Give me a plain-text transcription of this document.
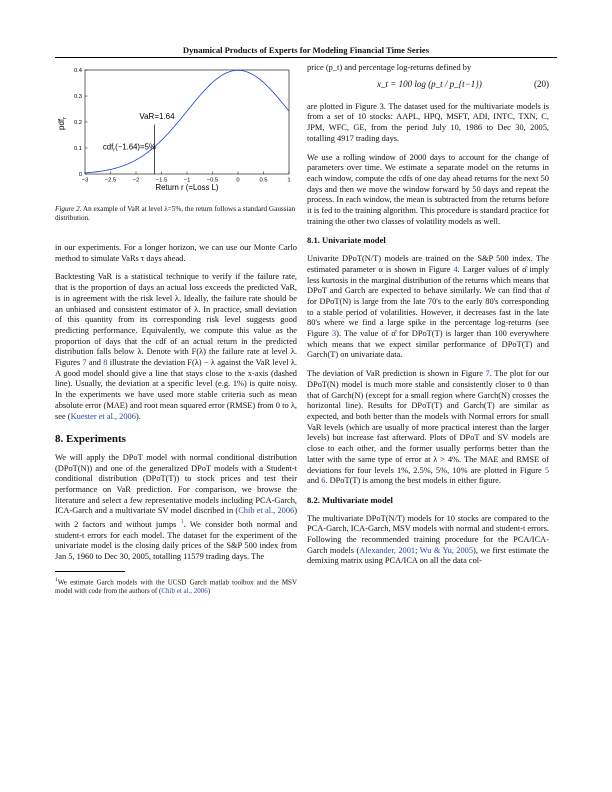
Dynamical Products of Experts for Modeling Financial Time Series
−3	−2.5	−2	−1.5	−1	−0.5	0	0.5	1
0
0.1
0.2
0.3
0.4
VaR=1.64
cdf$_r$(−1.64)=5%
Return r (=Loss L)
pdf$_r$
Figure 2. An example of VaR at level λ=5%, the return follows a standard Gaussian distribution.

in our experiments. For a longer horizon, we can use our Monte Carlo method to simulate VaRs τ days ahead.

Backtesting VaR is a statistical technique to verify if the failure rate, that is the proportion of days an actual loss exceeds the predicted VaR, is in agreement with the risk level λ. Ideally, the failure rate should be an unbiased and consistent estimator of λ. In practice, small deviation of this quantity from its corresponding risk level suggests good predicting performance. Equivalently, we compute this value as the proportion of days that the cdf of an actual return in the predicted distribution falls below λ. Denote with F(λ) the failure rate at level λ. Figures 7 and 8 illustrate the deviation F(λ) − λ against the VaR level λ. A good model should give a line that stays close to the x-axis (dashed line). Usually, the deviation at a specific level (e.g. 1%) is quite noisy. In the experiments we have used more stable criteria such as mean absolute error (MAE) and root mean squared error (RMSE) from 0 to λ, see (Kuester et al., 2006).

8. Experiments

We will apply the DPoT model with normal conditional distribution (DPoT(N)) and one of the generalized DPoT models with a Student-t conditional distribution (DPoT(T)) to stock prices and test their performance on VaR prediction. For comparison, we browse the literature and select a few representative models including PCA-Garch, ICA-Garch and a multivariate SV model discribed in (Chib et al., 2006) with 2 factors and without jumps $^1$. We consider both normal and student-t errors for each model. The dataset for the experiment of the univariate model is the closing daily prices of the S&P 500 index from Jan 5, 1960 to Dec 30, 2005, totalling 11579 trading days. The

$^1$We estimate Garch models with the UCSD Garch matlab toolbox and the MSV model with code from the authors of (Chib et al., 2006)

price (p_t) and percentage log-returns defined by

x_t = 100 log (p_t / p_{t−1})	(20)

are plotted in Figure 3. The dataset used for the multivariate models is from a set of 10 stocks: AAPL, HPQ, MSFT, ADI, INTC, TXN, C, JPM, WFC, GE, from the period July 10, 1986 to Dec 30, 2005, totalling 4917 trading days.

We use a rolling window of 2000 days to account for the change of parameters over time. We estimate a separate model on the returns in each window, compute the cdfs of one day ahead returns for the next 50 days and then we move the window forward by 50 days and repeat the process. In each window, the mean is subtracted from the returns before it is fed to the training algorithm. This procedure is standard practice for training the other two classes of volatility models as well.

8.1. Univariate model

Univarite DPoT(N/T) models are trained on the S&P 500 index. The estimated parameter α is shown in Figure 4. Larger values of α̂ imply less kurtosis in the marginal distribution of the returns which means that DPoT and Garch are expected to behave similarly. We can find that α̂ for DPoT(N) is large from the late 70's to the early 80's corresponding to a stable period of volatilities. However, it decreases fast in the late 80's where we find a large spike in the percentage log-returns (see Figure 3). The value of α̂ for DPoT(T) is larger than 100 everywhere which means that we expect similar performance of DPoT(T) and Garch(T) on univariate data.

The deviation of VaR prediction is shown in Figure 7. The plot for our DPoT(N) model is much more stable and consistently closer to 0 than that of Garch(N) (except for a small region where Garch(N) crosses the horizontal line). Results for DPoT(T) and Garch(T) are similar as expected, and both better than the models with Normal errors for small VaR levels (which are usually of more practical interest than the larger levels) but increase fast afterward. Plots of DPoT and SV models are close to each other, and the former usually performs better than the latter with the same type of error at λ > 4%. The MAE and RMSE of deviations for four levels 1%, 2.5%, 5%, 10% are plotted in Figure 5 and 6. DPoT(T) is among the best models in either figure.

8.2. Multivariate model

The multivariate DPoT(N/T) models for 10 stocks are compared to the PCA-Garch, ICA-Garch, MSV models with normal and student-t errors. Following the recommended training procedure for the PCA/ICA-Garch models (Alexander, 2001; Wu & Yu, 2005), we first estimate the demixing matrix using PCA/ICA on all the data col-
